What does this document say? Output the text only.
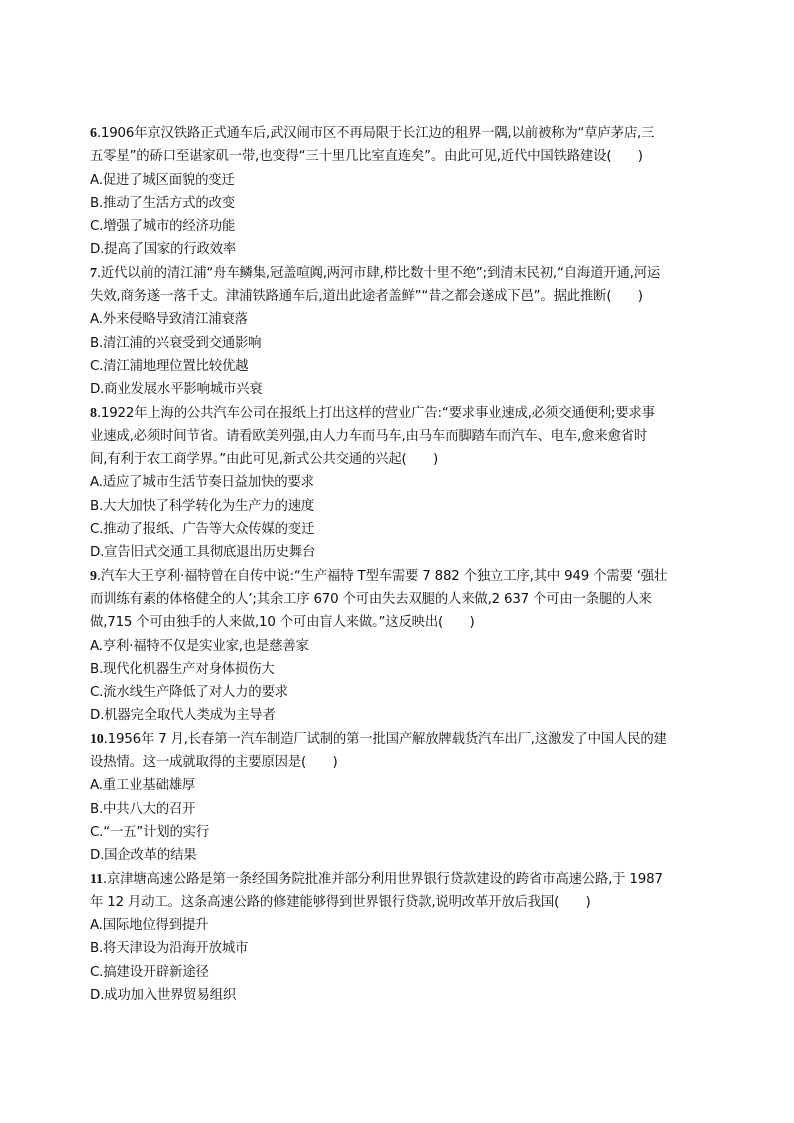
6.1906年京汉铁路正式通车后,武汉闹市区不再局限于长江边的租界一隅,以前被称为“草庐茅店,三
五零星”的硚口至谌家矶一带,也变得“三十里几比室直连矣”。由此可见,近代中国铁路建设(　　)
A.促进了城区面貌的变迁
B.推动了生活方式的改变
C.增强了城市的经济功能
D.提高了国家的行政效率
7.近代以前的清江浦“舟车鳞集,冠盖喧阗,两河市肆,栉比数十里不绝”;到清末民初,“自海道开通,河运
失效,商务遂一落千丈。津浦铁路通车后,道出此途者盖鲜”“昔之都会遂成下邑”。据此推断(　　)
A.外来侵略导致清江浦衰落
B.清江浦的兴衰受到交通影响
C.清江浦地理位置比较优越
D.商业发展水平影响城市兴衰
8.1922年上海的公共汽车公司在报纸上打出这样的营业广告:“要求事业速成,必须交通便利;要求事
业速成,必须时间节省。请看欧美列强,由人力车而马车,由马车而脚踏车而汽车、电车,愈来愈省时
间,有利于农工商学界。”由此可见,新式公共交通的兴起(　　)
A.适应了城市生活节奏日益加快的要求
B.大大加快了科学转化为生产力的速度
C.推动了报纸、广告等大众传媒的变迁
D.宣告旧式交通工具彻底退出历史舞台
9.汽车大王亨利·福特曾在自传中说:“生产福特 T型车需要 7 882 个独立工序,其中 949 个需要 ‘强壮
而训练有素的体格健全的人’;其余工序 670 个可由失去双腿的人来做,2 637 个可由一条腿的人来
做,715 个可由独手的人来做,10 个可由盲人来做。”这反映出(　　)
A.亨利·福特不仅是实业家,也是慈善家
B.现代化机器生产对身体损伤大
C.流水线生产降低了对人力的要求
D.机器完全取代人类成为主导者
10.1956年 7 月,长春第一汽车制造厂试制的第一批国产解放牌载货汽车出厂,这激发了中国人民的建
设热情。这一成就取得的主要原因是(　　)
A.重工业基础雄厚
B.中共八大的召开
C.“一五”计划的实行
D.国企改革的结果
11.京津塘高速公路是第一条经国务院批准并部分利用世界银行贷款建设的跨省市高速公路,于 1987
年 12 月动工。这条高速公路的修建能够得到世界银行贷款,说明改革开放后我国(　　)
A.国际地位得到提升
B.将天津设为沿海开放城市
C.搞建设开辟新途径
D.成功加入世界贸易组织
